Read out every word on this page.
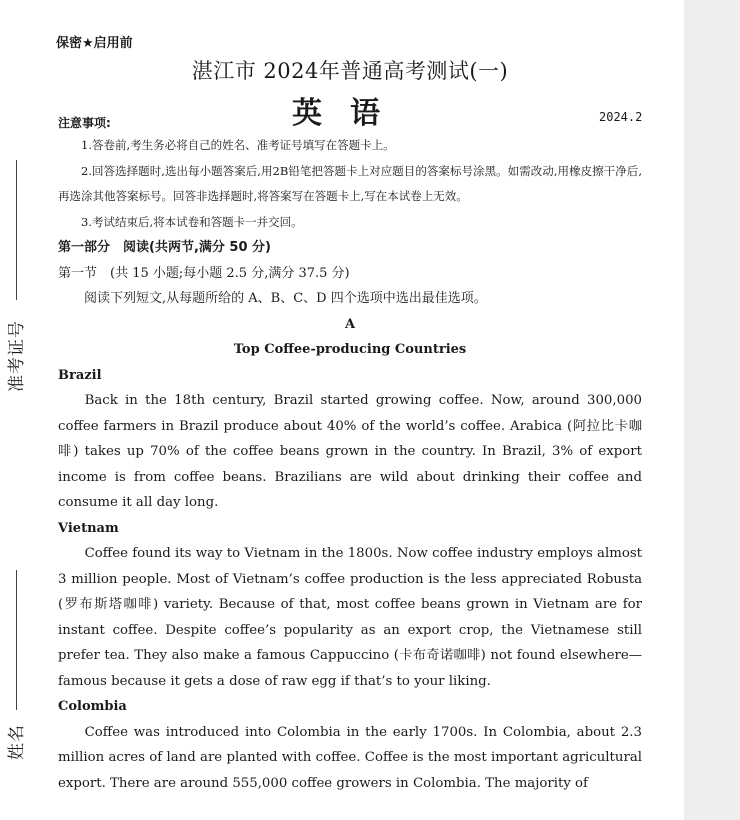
准考证号
姓名
保密★启用前
湛江市 2024年普通高考测试(一)
英语	2024.2
注意事项:

1.答卷前,考生务必将自己的姓名、准考证号填写在答题卡上。

2.回答选择题时,选出每小题答案后,用2B铅笔把答题卡上对应题目的答案标号涂黑。如需改动,用橡皮擦干净后,再选涂其他答案标号。回答非选择题时,将答案写在答题卡上,写在本试卷上无效。

3.考试结束后,将本试卷和答题卡一并交回。

第一部分　阅读(共两节,满分 50 分)

第一节　(共 15 小题;每小题 2.5 分,满分 37.5 分)

阅读下列短文,从每题所给的 A、B、C、D 四个选项中选出最佳选项。

A

Top Coffee-producing Countries

Brazil

Back in the 18th century, Brazil started growing coffee. Now, around 300,000 coffee farmers in Brazil produce about 40% of the world’s coffee. Arabica (阿拉比卡咖啡) takes up 70% of the coffee beans grown in the country. In Brazil, 3% of export income is from coffee beans. Brazilians are wild about drinking their coffee and consume it all day long.

Vietnam

Coffee found its way to Vietnam in the 1800s. Now coffee industry employs almost 3 million people. Most of Vietnam’s coffee production is the less appreciated Robusta (罗布斯塔咖啡) variety. Because of that, most coffee beans grown in Vietnam are for instant coffee. Despite coffee’s popularity as an export crop, the Vietnamese still prefer tea. They also make a famous Cappuccino (卡布奇诺咖啡) not found elsewhere—famous because it gets a dose of raw egg if that’s to your liking.

Colombia

Coffee was introduced into Colombia in the early 1700s. In Colombia, about 2.3 million acres of land are planted with coffee. Coffee is the most important agricultural export. There are around 555,000 coffee growers in Colombia. The majority of
